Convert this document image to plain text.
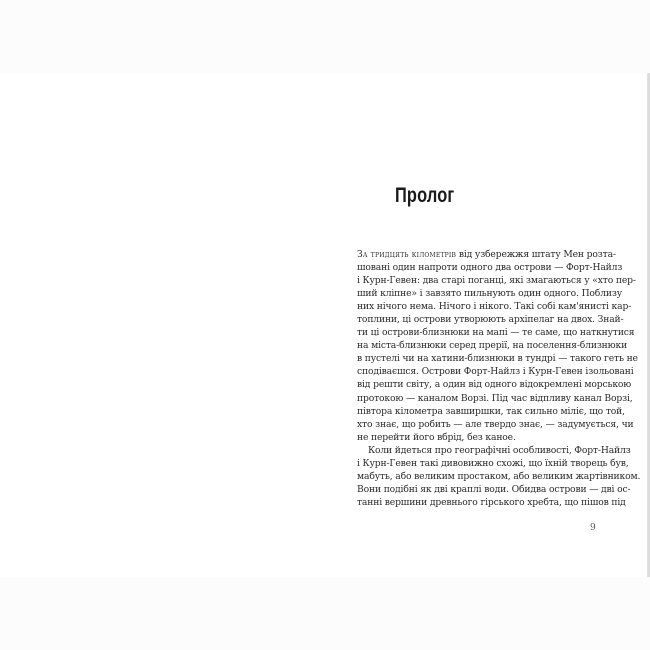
Пролог
За тридцять кілометрів від узбережжя штату Мен розта-
шовані один напроти одного два острови — Форт-Найлз
і Курн-Гевен: два старі поганці, які змагаються у «хто пер-
ший кліпне» і завзято пильнують один одного. Поблизу
них нічого нема. Нічого і нікого. Такі собі кам'янисті кар-
топлини, ці острови утворюють архіпелаг на двох. Знай-
ти ці острови-близнюки на мапі — те саме, що наткнутися
на міста-близнюки серед прерії, на поселення-близнюки
в пустелі чи на хатини-близнюки в тундрі — такого геть не
сподіваєшся. Острови Форт-Найлз і Курн-Гевен ізольовані
від решти світу, а один від одного відокремлені морською
протокою — каналом Ворзі. Під час відпливу канал Ворзі,
півтора кілометра завширшки, так сильно міліє, що той,
хто знає, що робить — але твердо знає, — задумується, чи
не перейти його вбрід, без каное.
Коли йдеться про географічні особливості, Форт-Найлз
і Курн-Гевен такі дивовижно схожі, що їхній творець був,
мабуть, або великим простаком, або великим жартівником.
Вони подібні як дві краплі води. Обидва острови — дві ос-
танні вершини древнього гірського хребта, що пішов під
9
